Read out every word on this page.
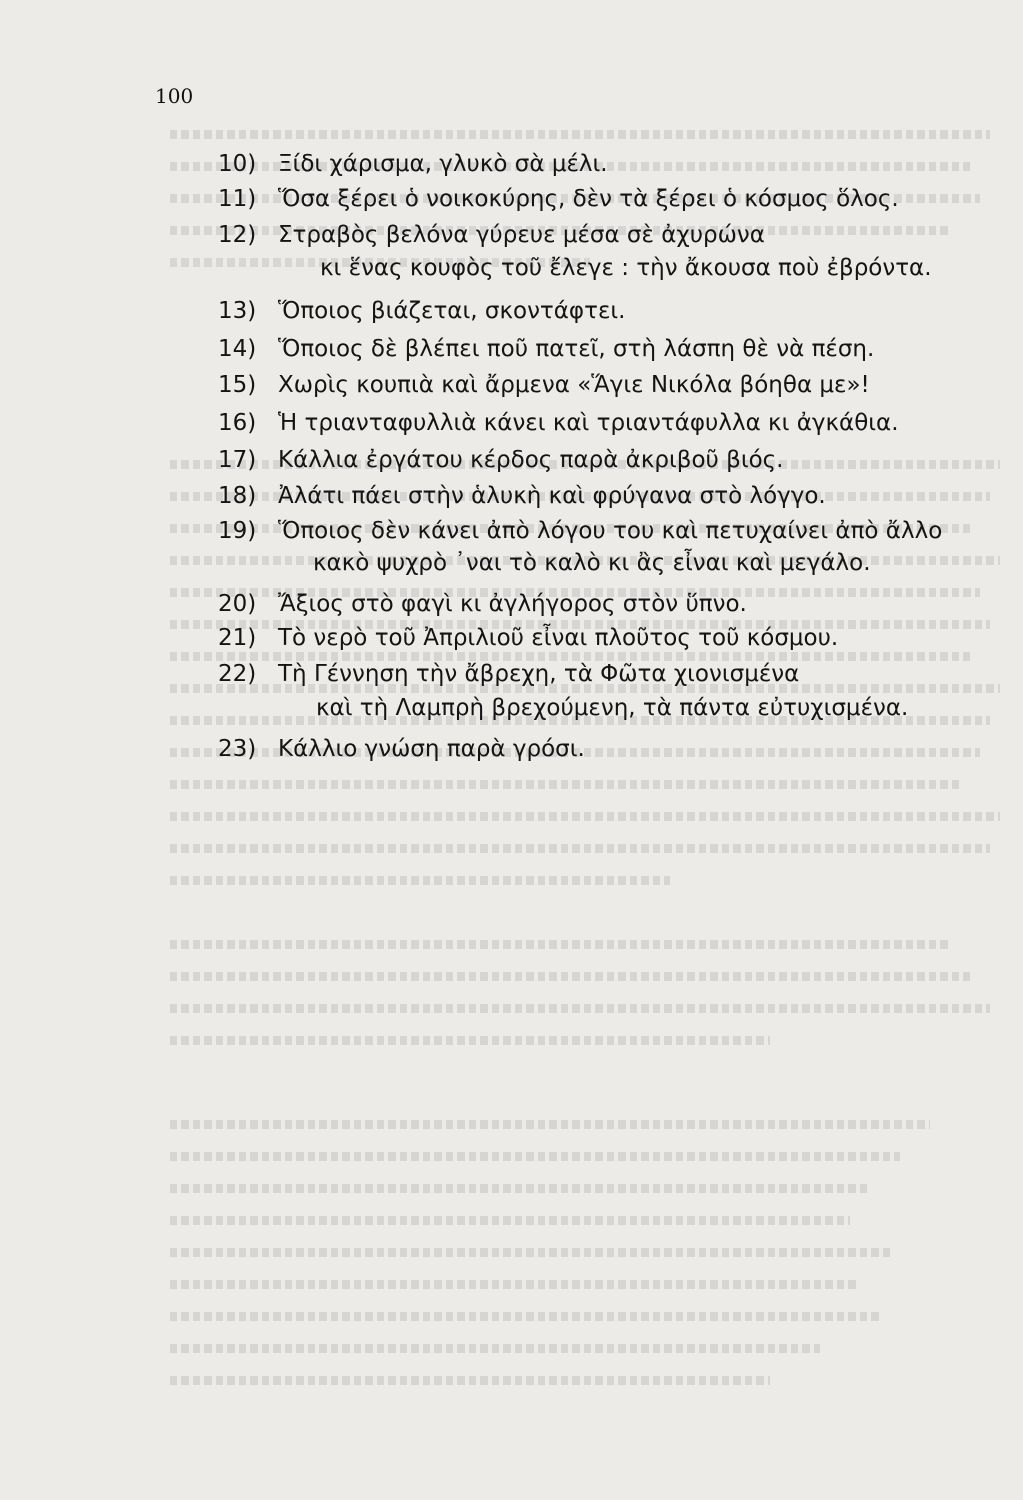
100
10) Ξίδι χάρισμα, γλυκὸ σὰ μέλι.
11) Ὅσα ξέρει ὁ νοικοκύρης, δὲν τὰ ξέρει ὁ κόσμος ὅλος.
12) Στραβὸς βελόνα γύρευε μέσα σὲ ἀχυρώνα
κι ἕνας κουφὸς τοῦ ἔλεγε : τὴν ἄκουσα ποὺ ἐβρόντα.
13) Ὅποιος βιάζεται, σκοντάφτει.
14) Ὅποιος δὲ βλέπει ποῦ πατεῖ, στὴ λάσπη θὲ νὰ πέση.
15) Χωρὶς κουπιὰ καὶ ἄρμενα «Ἅγιε Νικόλα βόηθα με»!
16) Ἡ τριανταφυλλιὰ κάνει καὶ τριαντάφυλλα κι ἀγκάθια.
17) Κάλλια ἐργάτου κέρδος παρὰ ἀκριβοῦ βιός.
18) Ἀλάτι πάει στὴν ἁλυκὴ καὶ φρύγανα στὸ λόγγο.
19) Ὅποιος δὲν κάνει ἀπὸ λόγου του καὶ πετυχαίνει ἀπὸ ἄλλο
κακὸ ψυχρὸ ᾿ναι τὸ καλὸ κι ἂς εἶναι καὶ μεγάλο.
20) Ἄξιος στὸ φαγὶ κι ἀγλήγορος στὸν ὕπνο.
21) Τὸ νερὸ τοῦ Ἀπριλιοῦ εἶναι πλοῦτος τοῦ κόσμου.
22) Τὴ Γέννηση τὴν ἄβρεχη, τὰ Φῶτα χιονισμένα
καὶ τὴ Λαμπρὴ βρεχούμενη, τὰ πάντα εὐτυχισμένα.
23) Κάλλιο γνώση παρὰ γρόσι.
